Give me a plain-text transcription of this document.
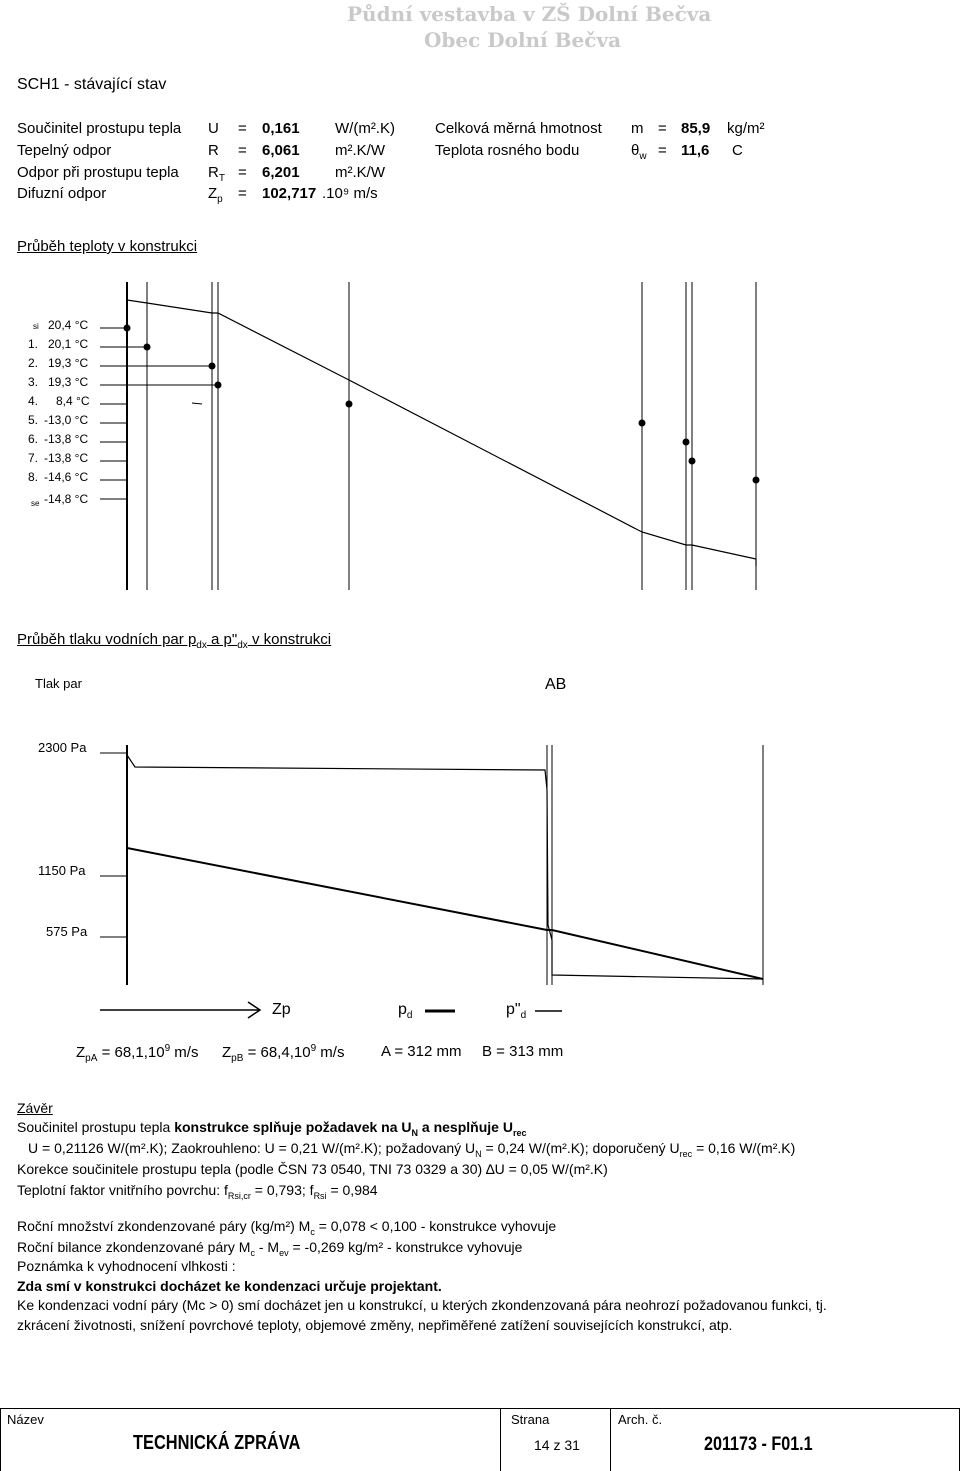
Půdní vestavba v ZŠ Dolní Bečva
Obec Dolní Bečva
SCH1 - stávající stav
Součinitel prostupu tepla U = 0,161 W/(m².K)
Tepelný odpor	R = 6,061 m².K/W
Odpor při prostupu tepla $R_T = 6,201$ m².K/W
Difuzní odpor	$Z_p = 102,717$ .10⁹ m/s
Celková měrná hmotnost m = 85,9 kg/m²
Teplota rosného bodu	$\theta_w = 11,6$ C
Průběh teploty v konstrukci
si 20,4 °C
1. 20,1 °C
2. 19,3 °C
3. 19,3 °C
4. 8,4 °C
5. -13,0 °C
6. -13,8 °C
7. -13,8 °C
8. -14,6 °C
se -14,8 °C
Průběh tlaku vodních par $p_{dx}$ a $p"_{dx}$ v konstrukci
Tlak par	AB
2300 Pa
1150 Pa
575 Pa
Zp	$p_d$	$p"_d$
$Z_{pA} = 68,1,10^9$ m/s $Z_{pB} = 68,4,10^9$ m/s A = 312 mm B = 313 mm
Závěr
Součinitel prostupu tepla konstrukce splňuje požadavek na $U_N$ a nesplňuje $U_{rec}$
U = 0,21126 W/(m².K); Zaokrouhleno: U = 0,21 W/(m².K); požadovaný $U_N = 0,24$ W/(m².K); doporučený $U_{rec} = 0,16$ W/(m².K)
Korekce součinitele prostupu tepla (podle ČSN 73 0540, TNI 73 0329 a 30) ∆U = 0,05 W/(m².K)
Teplotní faktor vnitřního povrchu: $f_{Rsi,cr} = 0,793$; $f_{Rsi} = 0,984$
Roční množství zkondenzované páry (kg/m²) $M_c = 0,078 < 0,100$ - konstrukce vyhovuje
Roční bilance zkondenzované páry $M_c - M_{ev} = -0,269$ kg/m² - konstrukce vyhovuje
Poznámka k vyhodnocení vlhkosti :
Zda smí v konstrukci docházet ke kondenzaci určuje projektant.
Ke kondenzaci vodní páry (Mc > 0) smí docházet jen u konstrukcí, u kterých zkondenzovaná pára neohrozí požadovanou funkci, tj.
zkrácení životnosti, snížení povrchové teploty, objemové změny, nepřiměřené zatížení souvisejících konstrukcí, atp.
Název
TECHNICKÁ ZPRÁVA
Strana
14 z 31
Arch. č.
201173 - F01.1
